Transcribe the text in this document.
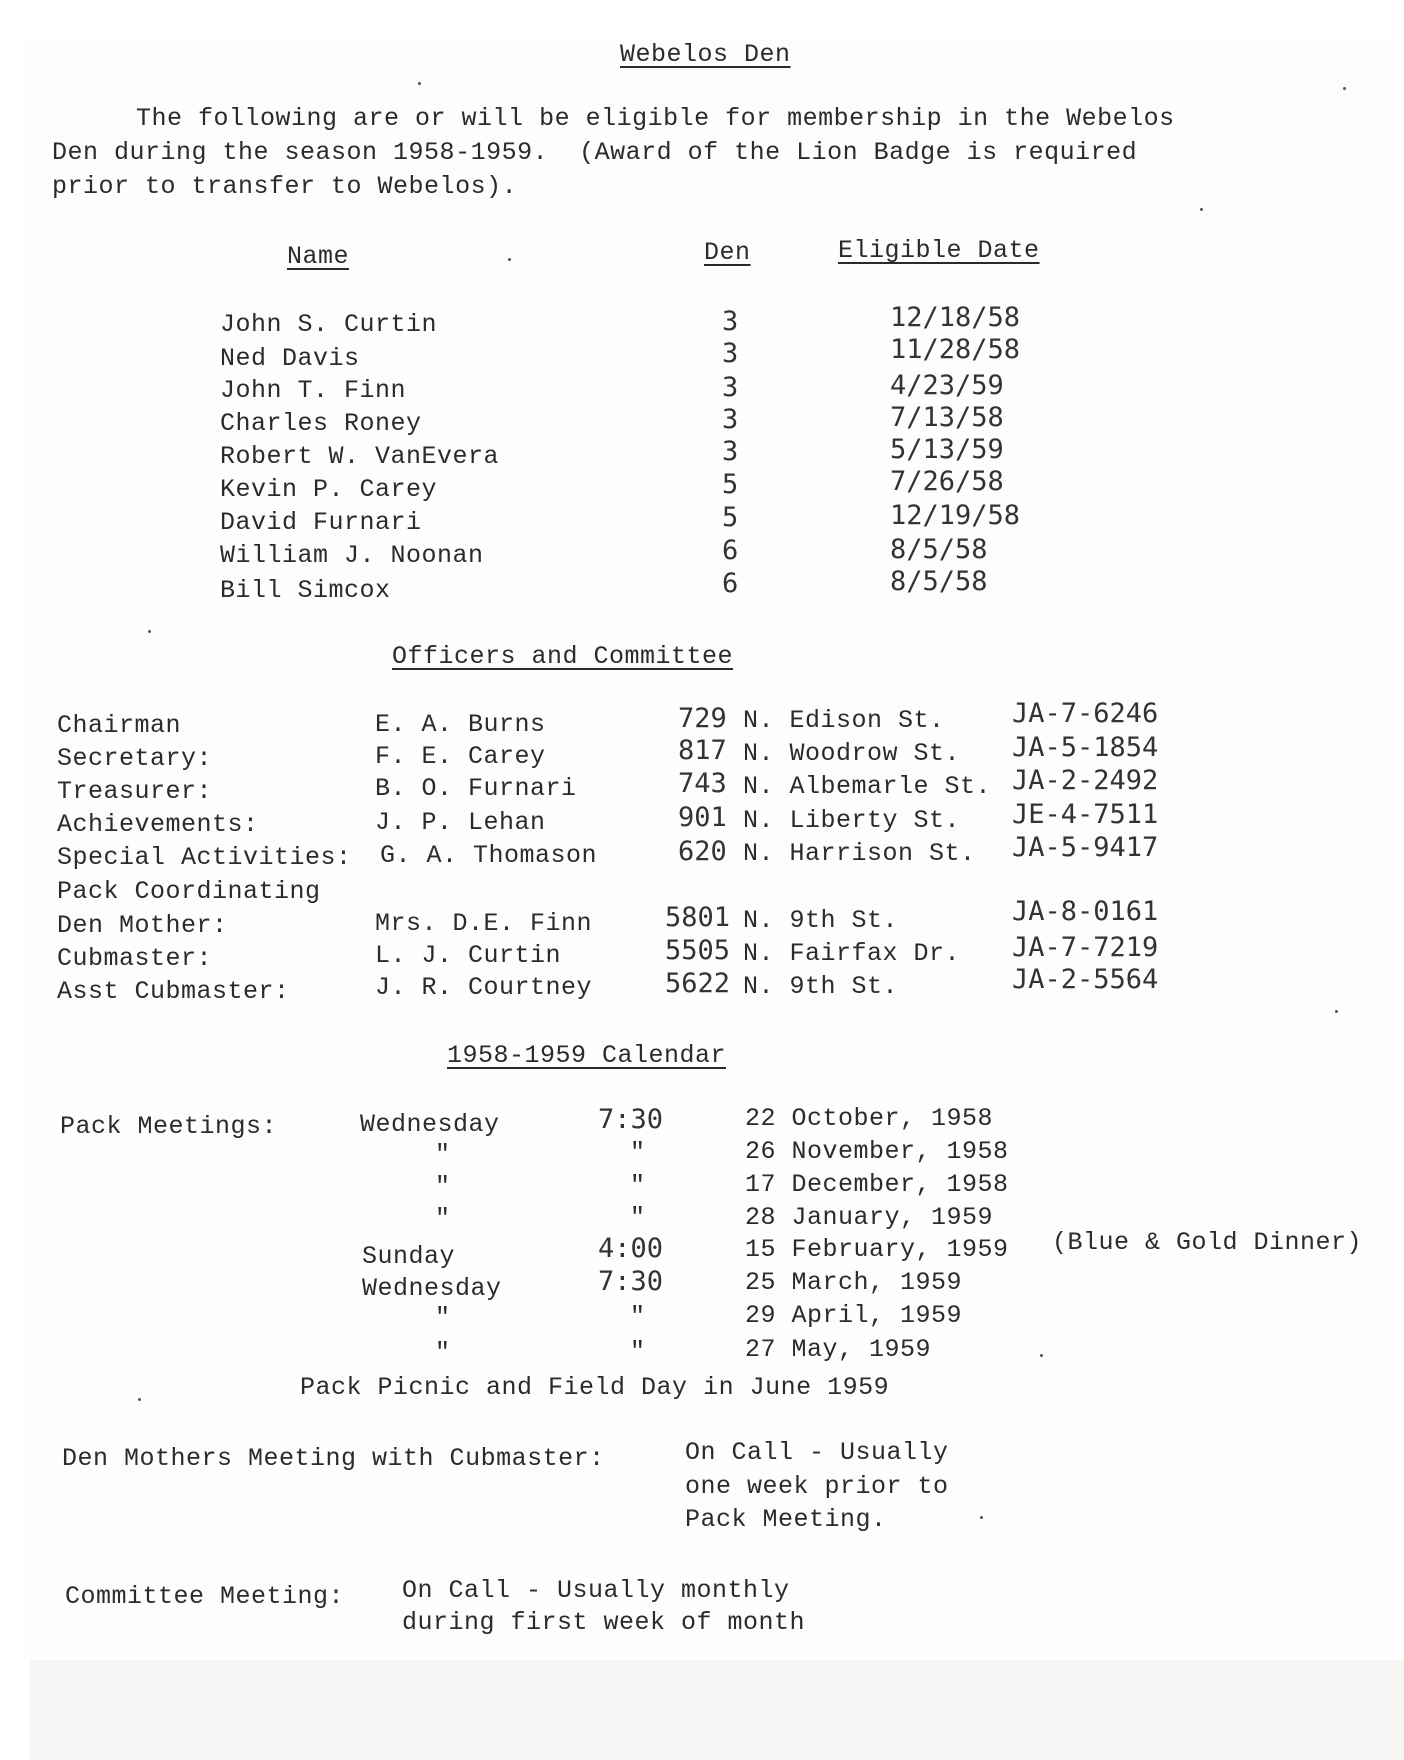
Webelos Den
The following are or will be eligible for membership in the Webelos
Den during the season 1958-1959.  (Award of the Lion Badge is required
prior to transfer to Webelos).
Name	Den	Eligible Date
John S. Curtin	3	12/18/58
Ned Davis	3	11/28/58
John T. Finn	3	4/23/59
Charles Roney	3	7/13/58
Robert W. VanEvera	3	5/13/59
Kevin P. Carey	5	7/26/58
David Furnari	5	12/19/58
William J. Noonan	6	8/5/58
Bill Simcox	6	8/5/58
Officers and Committee
Chairman	E. A. Burns	729 N. Edison St. JA-7-6246
Secretary:	F. E. Carey	817 N. Woodrow St. JA-5-1854
Treasurer:	B. O. Furnari	743 N. Albemarle St. JA-2-2492
Achievements:	J. P. Lehan	901 N. Liberty St. JE-4-7511
Special Activities: G. A. Thomason	620 N. Harrison St. JA-5-9417
Pack Coordinating
Den Mother:	Mrs. D.E. Finn	5801 N. 9th St.	JA-8-0161
Cubmaster:	L. J. Curtin	5505 N. Fairfax Dr. JA-7-7219
Asst Cubmaster:	J. R. Courtney	5622 N. 9th St.	JA-2-5564
1958-1959 Calendar
Pack Meetings:	Wednesday	7:30	22 October, 1958
"	"	26 November, 1958
"	"	17 December, 1958
"	"	28 January, 1959
Sunday	4:00	15 February, 1959 (Blue & Gold Dinner)
Wednesday	7:30	25 March, 1959
"	"	29 April, 1959
"	"	27 May, 1959
Pack Picnic and Field Day in June 1959
Den Mothers Meeting with Cubmaster:	On Call - Usually
one week prior to
Pack Meeting.
Committee Meeting: On Call - Usually monthly
during first week of month
